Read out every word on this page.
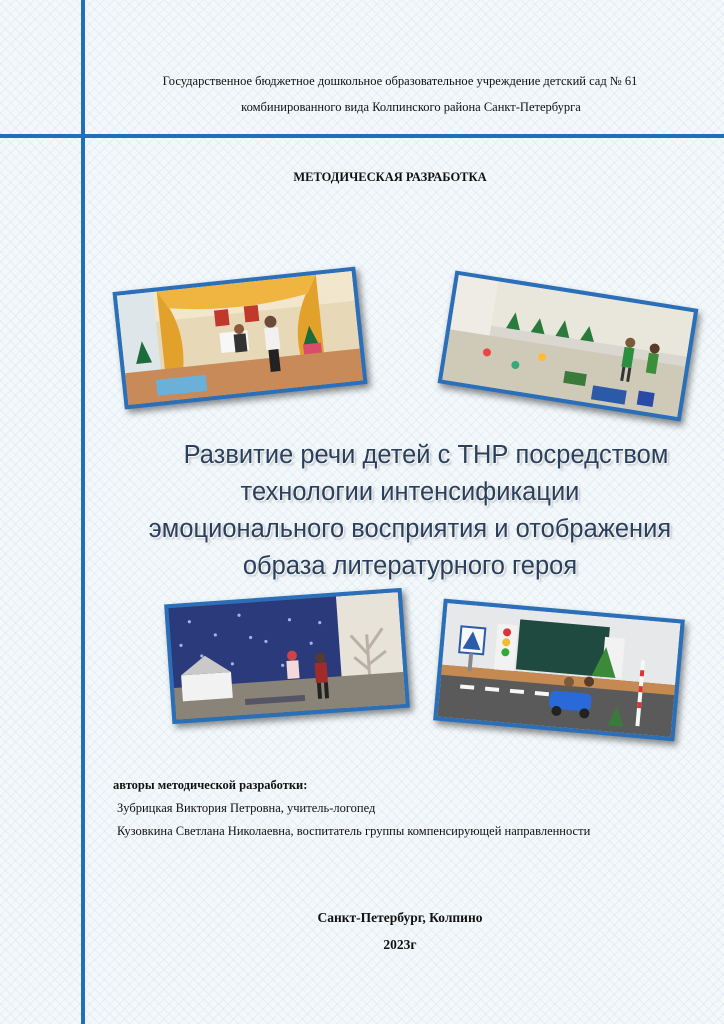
Государственное бюджетное дошкольное образовательное учреждение детский сад № 61
комбинированного вида Колпинского района Санкт-Петербурга
МЕТОДИЧЕСКАЯ РАЗРАБОТКА
Развитие речи детей с ТНР посредством
технологии интенсификации
эмоционального восприятия и отображения
образа литературного героя
авторы методической разработки:
Зубрицкая Виктория Петровна, учитель-логопед
Кузовкина Светлана Николаевна, воспитатель группы компенсирующей направленности
Санкт-Петербург, Колпино
2023г
